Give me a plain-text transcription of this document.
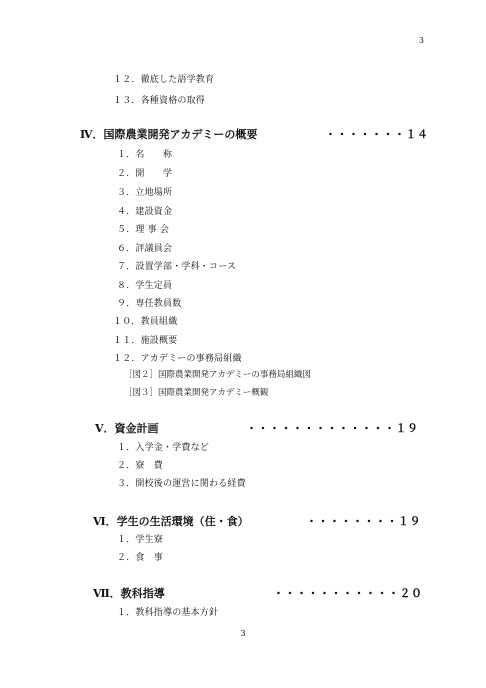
3
１２．徹底した語学教育
１３．各種資格の取得
Ⅳ．国際農業開発アカデミーの概要	・・・・・・・１４
１．名　　称
２．開　　学
３．立地場所
４．建設資金
５．理 事 会
６．評議員会
７．設置学部・学科・コース
８．学生定員
９．専任教員数
１０．教員組織
１１．施設概要
１２．アカデミーの事務局組織
［図２］国際農業開発アカデミーの事務局組織図
［図３］国際農業開発アカデミー概観
Ⅴ．資金計画	・・・・・・・・・・・・・１９
１．入学金・学費など
２．寮　費
３．開校後の運営に関わる経費
Ⅵ．学生の生活環境（住・食）	・・・・・・・・１９
１．学生寮
２．食　事
Ⅶ．教科指導	・・・・・・・・・・・２０
１．教科指導の基本方針
3
